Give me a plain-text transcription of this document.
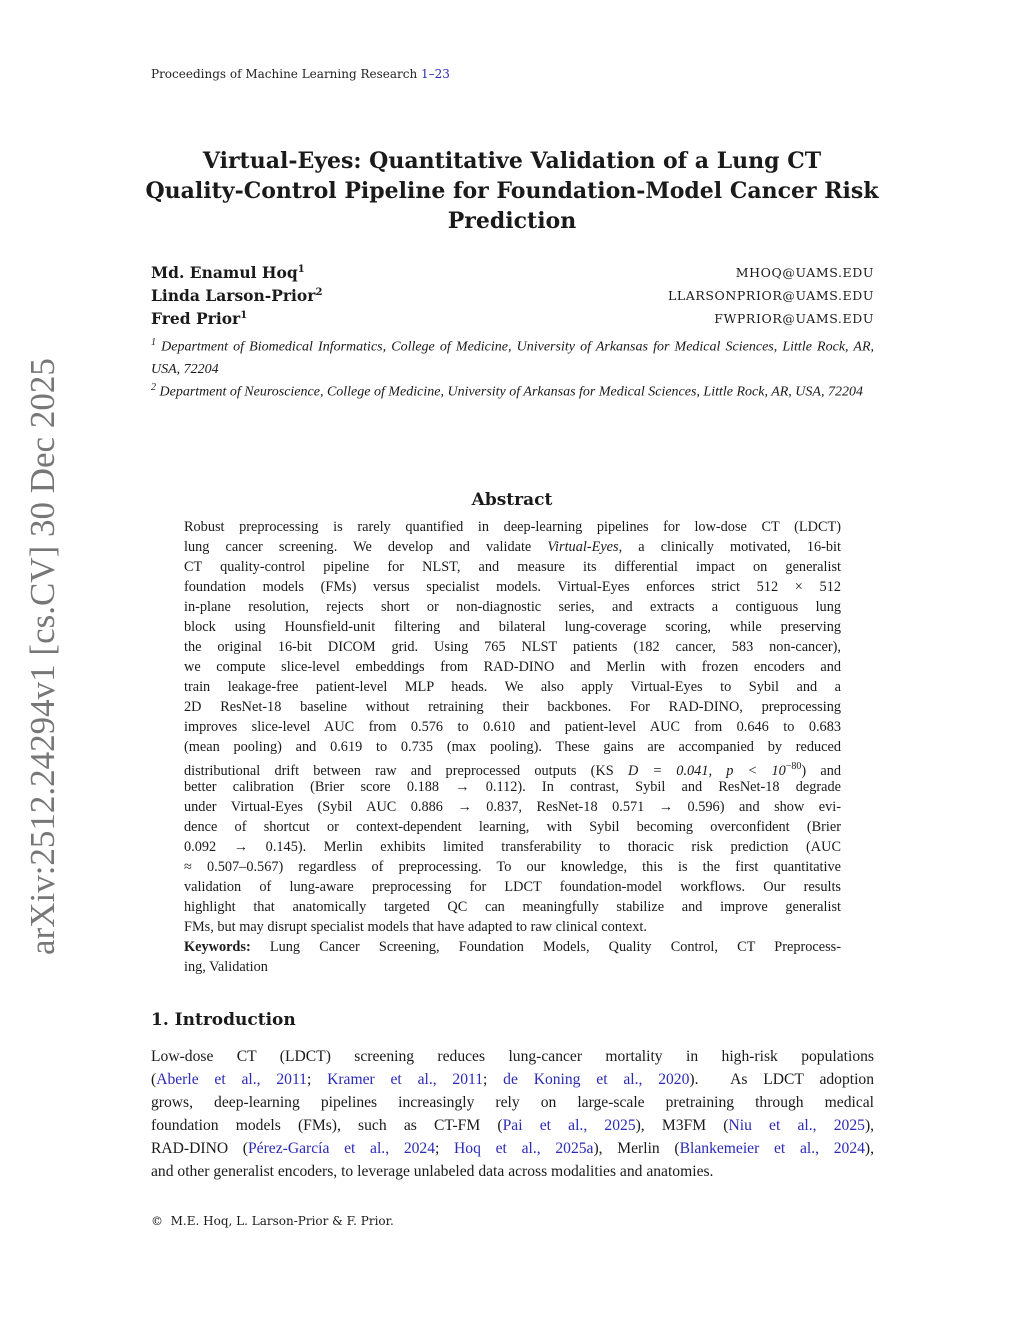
Proceedings of Machine Learning Research 1–23
arXiv:2512.24294v1 [cs.CV] 30 Dec 2025
Virtual-Eyes: Quantitative Validation of a Lung CT
Quality-Control Pipeline for Foundation-Model Cancer Risk
Prediction
Md. Enamul Hoq$^1$	MHOQ@UAMS.EDU
Linda Larson-Prior$^2$	LLARSONPRIOR@UAMS.EDU
Fred Prior$^1$	FWPRIOR@UAMS.EDU
$^1$ Department of Biomedical Informatics, College of Medicine, University of Arkansas for Medical Sciences, Little Rock, AR, USA, 72204
$^2$ Department of Neuroscience, College of Medicine, University of Arkansas for Medical Sciences, Little Rock, AR, USA, 72204
Abstract
Robust preprocessing is rarely quantified in deep-learning pipelines for low-dose CT (LDCT)
lung cancer screening. We develop and validate Virtual-Eyes, a clinically motivated, 16-bit
CT quality-control pipeline for NLST, and measure its differential impact on generalist
foundation models (FMs) versus specialist models. Virtual-Eyes enforces strict 512 × 512
in-plane resolution, rejects short or non-diagnostic series, and extracts a contiguous lung
block using Hounsfield-unit filtering and bilateral lung-coverage scoring, while preserving
the original 16-bit DICOM grid. Using 765 NLST patients (182 cancer, 583 non-cancer),
we compute slice-level embeddings from RAD-DINO and Merlin with frozen encoders and
train leakage-free patient-level MLP heads. We also apply Virtual-Eyes to Sybil and a
2D ResNet-18 baseline without retraining their backbones. For RAD-DINO, preprocessing
improves slice-level AUC from 0.576 to 0.610 and patient-level AUC from 0.646 to 0.683
(mean pooling) and 0.619 to 0.735 (max pooling). These gains are accompanied by reduced
distributional drift between raw and preprocessed outputs (KS D = 0.041, $p < 10^{-80}$) and
better calibration (Brier score 0.188 → 0.112). In contrast, Sybil and ResNet-18 degrade
under Virtual-Eyes (Sybil AUC 0.886 → 0.837, ResNet-18 0.571 → 0.596) and show evi-
dence of shortcut or context-dependent learning, with Sybil becoming overconfident (Brier
0.092 → 0.145). Merlin exhibits limited transferability to thoracic risk prediction (AUC
≈ 0.507–0.567) regardless of preprocessing. To our knowledge, this is the first quantitative
validation of lung-aware preprocessing for LDCT foundation-model workflows. Our results
highlight that anatomically targeted QC can meaningfully stabilize and improve generalist
FMs, but may disrupt specialist models that have adapted to raw clinical context.
Keywords: Lung Cancer Screening, Foundation Models, Quality Control, CT Preprocess-
ing, Validation
1. Introduction
Low-dose CT (LDCT) screening reduces lung-cancer mortality in high-risk populations
(Aberle et al., 2011; Kramer et al., 2011; de Koning et al., 2020).  As LDCT adoption
grows, deep-learning pipelines increasingly rely on large-scale pretraining through medical
foundation models (FMs), such as CT-FM (Pai et al., 2025), M3FM (Niu et al., 2025),
RAD-DINO (Pérez-García et al., 2024; Hoq et al., 2025a), Merlin (Blankemeier et al., 2024),
and other generalist encoders, to leverage unlabeled data across modalities and anatomies.
© M.E. Hoq, L. Larson-Prior & F. Prior.
